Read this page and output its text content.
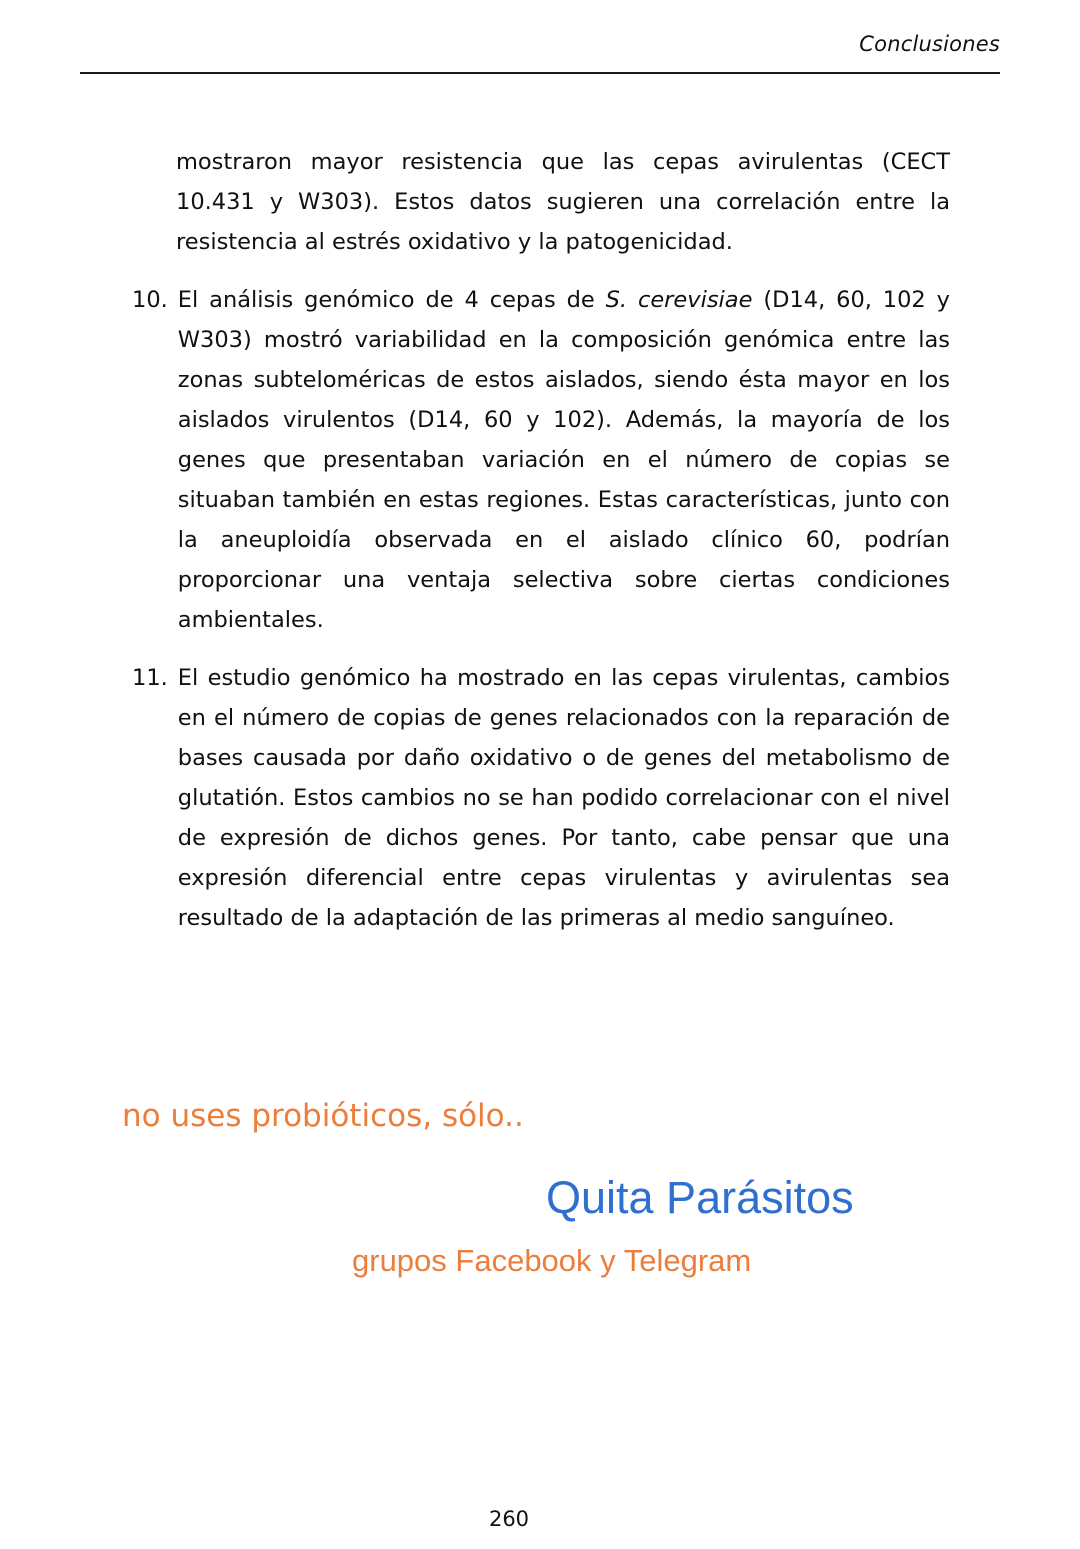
Conclusiones

mostraron mayor resistencia que las cepas avirulentas (CECT 10.431 y W303). Estos datos sugieren una correlación entre la resistencia al estrés oxidativo y la patogenicidad.

10. El análisis genómico de 4 cepas de S. cerevisiae (D14, 60, 102 y W303) mostró variabilidad en la composición genómica entre las zonas subteloméricas de estos aislados, siendo ésta mayor en los aislados virulentos (D14, 60 y 102). Además, la mayoría de los genes que presentaban variación en el número de copias se situaban también en estas regiones. Estas características, junto con la aneuploidía observada en el aislado clínico 60, podrían proporcionar una ventaja selectiva sobre ciertas condiciones ambientales.
11. El estudio genómico ha mostrado en las cepas virulentas, cambios en el número de copias de genes relacionados con la reparación de bases causada por daño oxidativo o de genes del metabolismo de glutatión. Estos cambios no se han podido correlacionar con el nivel de expresión de dichos genes. Por tanto, cabe pensar que una expresión diferencial entre cepas virulentas y avirulentas sea resultado de la adaptación de las primeras al medio sanguíneo.
no uses probióticos, sólo..
Quita Parásitos
grupos Facebook y Telegram
260
